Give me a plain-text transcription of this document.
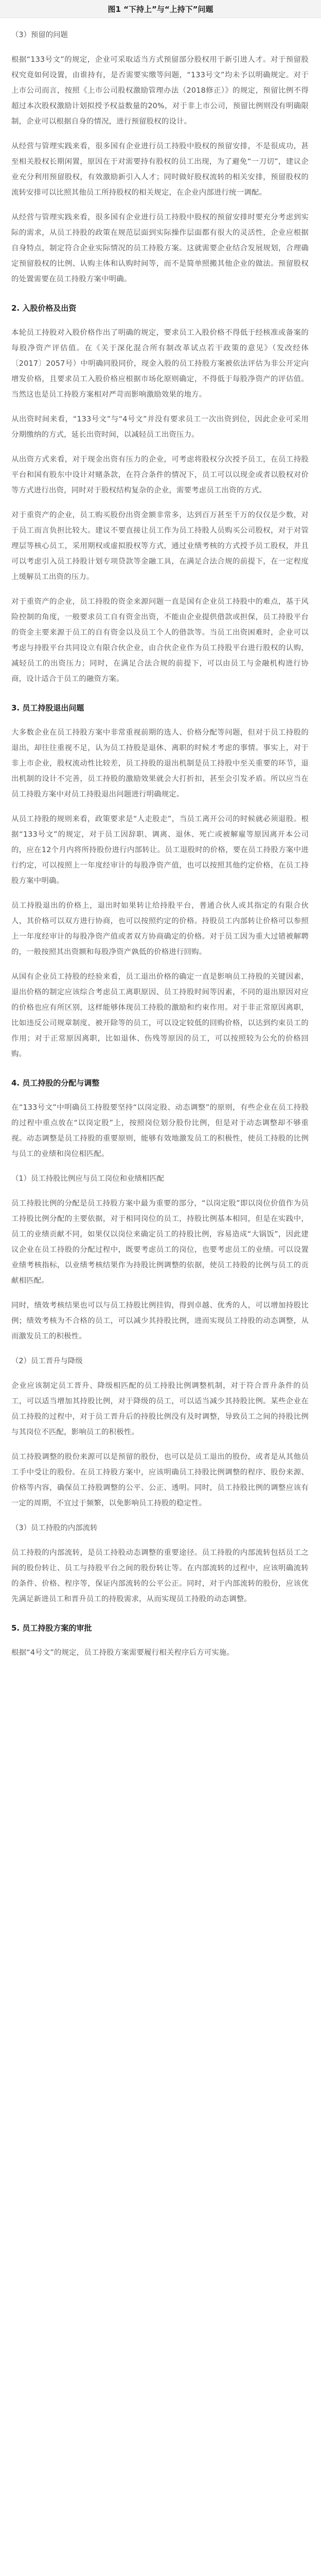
图1 “下持上”与“上持下”问题
（3）预留的问题
根据“133号文”的规定，企业可采取适当方式预留部分股权用于新引进人才。对于预留股权究竟如何设置，由谁持有，是否需要实缴等问题，“133号文”均未予以明确规定。对于上市公司而言，按照《上市公司股权激励管理办法（2018修正）》的规定，预留比例不得超过本次股权激励计划拟授予权益数量的20%，对于非上市公司，预留比例则没有明确限制，企业可以根据自身的情况，进行预留股权的设计。
从经营与管理实践来看，很多国有企业进行员工持股中股权的预留安排，不是很成功，甚至相关股权长期闲置，原因在于对需要持有股权的员工出现，为了避免“一刀切”，建议企业充分利用预留股权，有效激励新引入人才；同时做好股权流转的相关安排，预留股权的流转安排可以比照其他员工所持股权的相关规定，在企业内部进行统一调配。
从经营与管理实践来看，很多国有企业进行员工持股中股权的预留安排时要充分考虑到实际的需求，从员工持股的政策在规范层面到实际操作层面都有很大的灵活性，企业应根据自身特点，制定符合企业实际情况的员工持股方案。这就需要企业结合发展规划，合理确定预留股权的比例、认购主体和认购时间等，而不是简单照搬其他企业的做法。预留股权的处置需要在员工持股方案中明确。
2. 入股价格及出资
本轮员工持股对入股价格作出了明确的规定，要求员工入股价格不得低于经核准或备案的每股净资产评估值。在《关于深化混合所有制改革试点若干政策的意见》（发改经体〔2017〕2057号）中明确同股同价，现金入股的员工持股方案被依法评估为非公开定向增发价格，且要求员工入股价格应根据市场化原则确定，不得低于每股净资产的评估值。当然这也是员工持股方案相对严苛而影响激励效果的地方。
从出资时间来看，“133号文”与“4号文”并没有要求员工一次出资到位，因此企业可采用分期缴纳的方式，延长出资时间，以减轻员工出资压力。
从出资方式来看，对于现金出资有压力的企业，可考虑将股权分次授予员工，在员工持股平台和国有股东中设计对赌条款，在符合条件的情况下，员工可以以现金或者以股权对价等方式进行出资，同时对于股权结构复杂的企业，需要考虑员工出资的方式。
对于重资产的企业，员工购买股份出资金额非常多，达到百万甚至千万的仅仅是少数，对于员工而言负担比较大。建议不要直接让员工作为员工持股人员购买公司股权，对于对管理层等核心员工，采用期权或虚拟股权等方式，通过业绩考核的方式授予员工股权，并且可以考虑引入员工持股计划专项贷款等金融工具，在满足合法合规的前提下，在一定程度上缓解员工出资的压力。
对于重资产的企业，员工持股的资金来源问题一直是国有企业员工持股中的难点，基于风险控制的角度，一般要求员工自有资金出资，不能由企业提供借款或担保，员工持股平台的资金主要来源于员工的自有资金以及员工个人的借款等。当员工出资困难时，企业可以考虑与持股平台共同设立有限合伙企业，由合伙企业作为员工持股平台进行股权的认购，减轻员工的出资压力；同时，在满足合法合规的前提下，可以由员工与金融机构进行协商，设计适合于员工的融资方案。
3. 员工持股退出问题
大多数企业在员工持股方案中非常重视前期的选人、价格分配等问题，但对于员工持股的退出，却往往重视不足，认为员工持股是退休、离职的时候才考虑的事情。事实上，对于非上市企业，股权流动性比较差，员工持股的退出机制是员工持股中至关重要的环节，退出机制的设计不完善，员工持股的激励效果就会大打折扣，甚至会引发矛盾。所以应当在员工持股方案中对员工持股退出问题进行明确规定。
从员工持股的规则来看，政策要求是“人走股走”，当员工离开公司的时候就必须退股。根据“133号文”的规定，对于员工因辞职、调离、退休、死亡或被解雇等原因离开本公司的，应在12个月内将所持股份进行内部转让。员工退股时的价格，要在员工持股方案中进行约定，可以按照上一年度经审计的每股净资产值，也可以按照其他约定价格，在员工持股方案中明确。
员工持股退出的价格上，退出时如果转让给持股平台，普通合伙人或其指定的有限合伙人，其价格可以双方进行协商，也可以按照约定的价格。持股员工内部转让价格可以参照上一年度经审计的每股净资产值或者双方协商确定的价格。对于员工因为重大过错被解聘的，一般按照其出资额和每股净资产孰低的价格进行回购。
从国有企业员工持股的经验来看，员工退出价格的确定一直是影响员工持股的关键因素，退出价格的制定应该综合考虑员工离职原因、员工持股时间等因素，不同的退出原因对应的价格也应有所区别，这样能够体现员工持股的激励和约束作用。对于非正常原因离职，比如违反公司规章制度、被开除等的员工，可以设定较低的回购价格，以达到约束员工的作用；对于正常原因离职，比如退休、伤残等原因的员工，可以按照较为公允的价格回购。
4. 员工持股的分配与调整
在“133号文”中明确员工持股要坚持“以岗定股、动态调整”的原则，有些企业在员工持股的过程中重点放在“以岗定股”上，按照岗位划分股份比例，但是对于动态调整却不够重视。动态调整是员工持股的重要原则，能够有效地激发员工的积极性，使员工持股的比例与员工的业绩和岗位相匹配。
（1）员工持股比例应与员工岗位和业绩相匹配
员工持股比例的分配是员工持股方案中最为重要的部分，“以岗定股”即以岗位价值作为员工持股比例分配的主要依据，对于相同岗位的员工，持股比例基本相同，但是在实践中，员工的业绩贡献不同，如果仅以岗位来确定员工的持股比例，容易造成“大锅饭”，因此建议企业在员工持股的分配过程中，既要考虑员工的岗位，也要考虑员工的业绩。可以设置业绩考核指标，以业绩考核结果作为持股比例调整的依据，使员工持股的比例与员工的贡献相匹配。
同时，绩效考核结果也可以与员工持股比例挂钩，得到卓越、优秀的人，可以增加持股比例；绩效考核为不合格的员工，可以减少其持股比例，进而实现员工持股的动态调整，从而激发员工的积极性。
（2）员工晋升与降级
企业应该制定员工晋升、降级相匹配的员工持股比例调整机制，对于符合晋升条件的员工，可以适当增加其持股比例，对于降级的员工，可以适当减少其持股比例。某些企业在员工持股的过程中，对于员工晋升后的持股比例没有及时调整，导致员工之间的持股比例与其岗位不匹配，影响员工的积极性。
员工持股调整的股份来源可以是预留的股份，也可以是员工退出的股份，或者是从其他员工手中受让的股份。在员工持股方案中，应该明确员工持股比例调整的程序、股份来源、价格等内容，确保员工持股调整的公平、公正、透明。同时，员工持股比例的调整应该有一定的周期，不宜过于频繁，以免影响员工持股的稳定性。
（3）员工持股的内部流转
员工持股的内部流转，是员工持股动态调整的重要途径。员工持股的内部流转包括员工之间的股份转让、员工与持股平台之间的股份转让等。在内部流转的过程中，应该明确流转的条件、价格、程序等，保证内部流转的公平公正。同时，对于内部流转的股份，应该优先满足新进员工和晋升员工的持股需求，从而实现员工持股的动态调整。
5. 员工持股方案的审批
根据“4号文”的规定，员工持股方案需要履行相关程序后方可实施。
